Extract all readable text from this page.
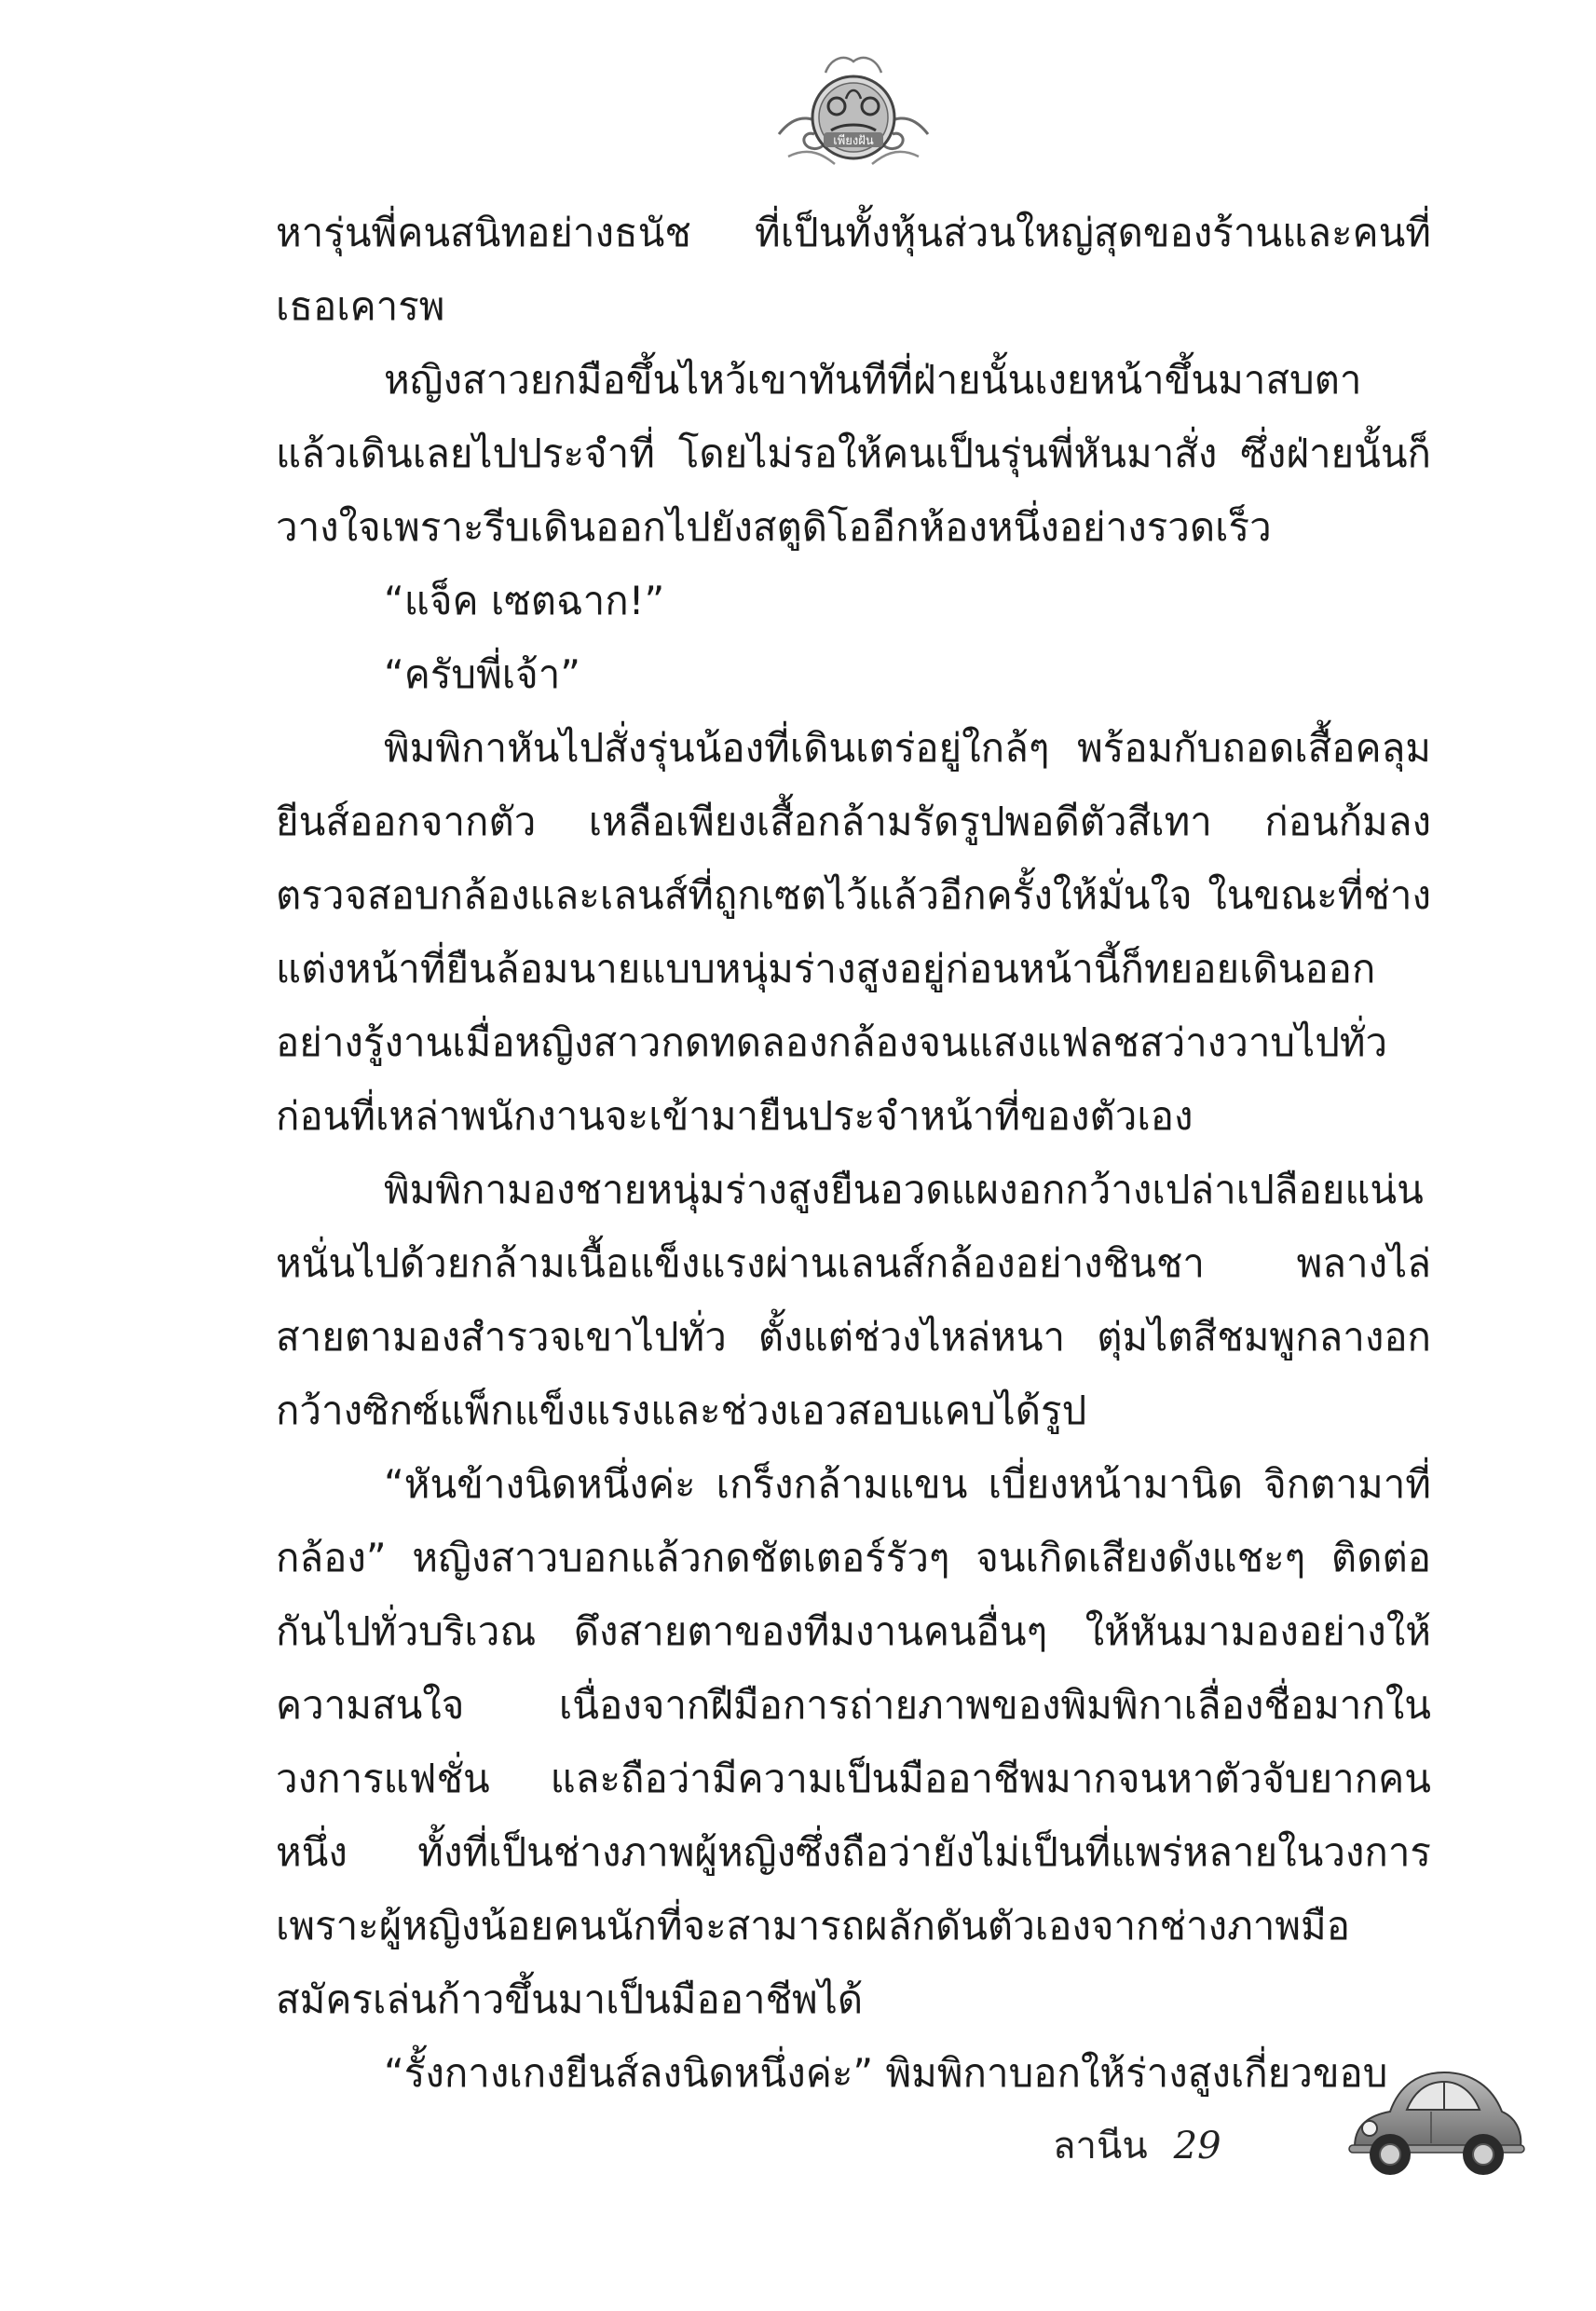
เพียงฝัน

หารุ่นพี่คนสนิทอย่างธนัช ที่เป็นทั้งหุ้นส่วนใหญ่สุดของร้านและคนที่เธอเคารพ

หญิงสาวยกมือขึ้นไหว้เขาทันทีที่ฝ่ายนั้นเงยหน้าขึ้นมาสบตาแล้วเดินเลยไปประจำที่ โดยไม่รอให้คนเป็นรุ่นพี่หันมาสั่ง ซึ่งฝ่ายนั้นก็วางใจเพราะรีบเดินออกไปยังสตูดิโออีกห้องหนึ่งอย่างรวดเร็ว

“แจ็ค เซตฉาก!”

“ครับพี่เจ้า”

พิมพิกาหันไปสั่งรุ่นน้องที่เดินเตร่อยู่ใกล้ๆ พร้อมกับถอดเสื้อคลุมยีนส์ออกจากตัว เหลือเพียงเสื้อกล้ามรัดรูปพอดีตัวสีเทา ก่อนก้มลงตรวจสอบกล้องและเลนส์ที่ถูกเซตไว้แล้วอีกครั้งให้มั่นใจ ในขณะที่ช่างแต่งหน้าที่ยืนล้อมนายแบบหนุ่มร่างสูงอยู่ก่อนหน้านี้ก็ทยอยเดินออกอย่างรู้งานเมื่อหญิงสาวกดทดลองกล้องจนแสงแฟลชสว่างวาบไปทั่วก่อนที่เหล่าพนักงานจะเข้ามายืนประจำหน้าที่ของตัวเอง

พิมพิกามองชายหนุ่มร่างสูงยืนอวดแผงอกกว้างเปล่าเปลือยแน่นหนั่นไปด้วยกล้ามเนื้อแข็งแรงผ่านเลนส์กล้องอย่างชินชา พลางไล่สายตามองสำรวจเขาไปทั่ว ตั้งแต่ช่วงไหล่หนา ตุ่มไตสีชมพูกลางอกกว้างซิกซ์แพ็กแข็งแรงและช่วงเอวสอบแคบได้รูป

“หันข้างนิดหนึ่งค่ะ เกร็งกล้ามแขน เบี่ยงหน้ามานิด จิกตามาที่กล้อง” หญิงสาวบอกแล้วกดชัตเตอร์รัวๆ จนเกิดเสียงดังแชะๆ ติดต่อกันไปทั่วบริเวณ ดึงสายตาของทีมงานคนอื่นๆ ให้หันมามองอย่างให้ความสนใจ เนื่องจากฝีมือการถ่ายภาพของพิมพิกาเลื่องชื่อมากในวงการแฟชั่น และถือว่ามีความเป็นมืออาชีพมากจนหาตัวจับยากคนหนึ่ง ทั้งที่เป็นช่างภาพผู้หญิงซึ่งถือว่ายังไม่เป็นที่แพร่หลายในวงการเพราะผู้หญิงน้อยคนนักที่จะสามารถผลักดันตัวเองจากช่างภาพมือสมัครเล่นก้าวขึ้นมาเป็นมืออาชีพได้

“รั้งกางเกงยีนส์ลงนิดหนึ่งค่ะ” พิมพิกาบอกให้ร่างสูงเกี่ยวขอบ

ลานีน 29
